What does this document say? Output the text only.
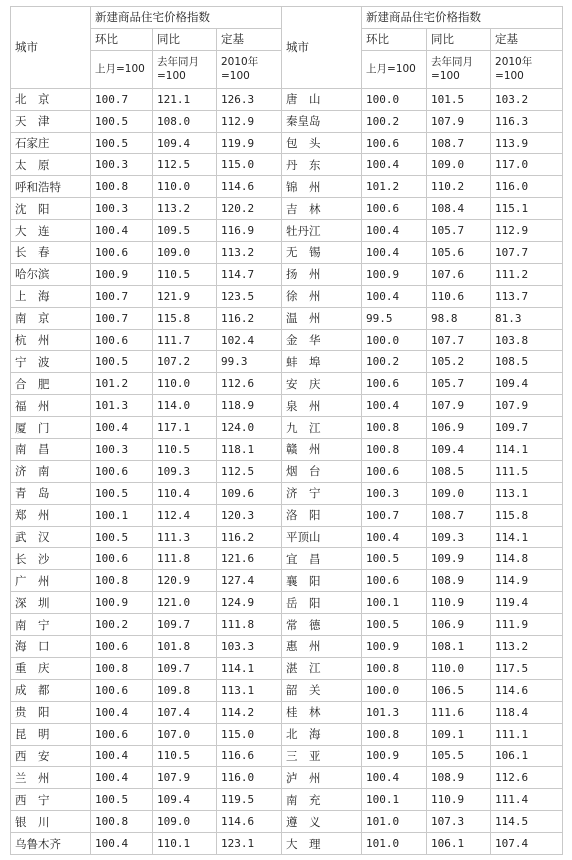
城市	新建商品住宅价格指数			城市	新建商品住宅价格指数		
	环比	同比	定基		环比	同比	定基
	上月=100	去年同月=100	2010年=100		上月=100	去年同月=100	2010年=100
北　京	100.7	121.1	126.3	唐　山	100.0	101.5	103.2
天　津	100.5	108.0	112.9	秦皇岛	100.2	107.9	116.3
石家庄	100.5	109.4	119.9	包　头	100.6	108.7	113.9
太　原	100.3	112.5	115.0	丹　东	100.4	109.0	117.0
呼和浩特	100.8	110.0	114.6	锦　州	101.2	110.2	116.0
沈　阳	100.3	113.2	120.2	吉　林	100.6	108.4	115.1
大　连	100.4	109.5	116.9	牡丹江	100.4	105.7	112.9
长　春	100.6	109.0	113.2	无　锡	100.4	105.6	107.7
哈尔滨	100.9	110.5	114.7	扬　州	100.9	107.6	111.2
上　海	100.7	121.9	123.5	徐　州	100.4	110.6	113.7
南　京	100.7	115.8	116.2	温　州	99.5	98.8	81.3
杭　州	100.6	111.7	102.4	金　华	100.0	107.7	103.8
宁　波	100.5	107.2	99.3	蚌　埠	100.2	105.2	108.5
合　肥	101.2	110.0	112.6	安　庆	100.6	105.7	109.4
福　州	101.3	114.0	118.9	泉　州	100.4	107.9	107.9
厦　门	100.4	117.1	124.0	九　江	100.8	106.9	109.7
南　昌	100.3	110.5	118.1	赣　州	100.8	109.4	114.1
济　南	100.6	109.3	112.5	烟　台	100.6	108.5	111.5
青　岛	100.5	110.4	109.6	济　宁	100.3	109.0	113.1
郑　州	100.1	112.4	120.3	洛　阳	100.7	108.7	115.8
武　汉	100.5	111.3	116.2	平顶山	100.4	109.3	114.1
长　沙	100.6	111.8	121.6	宜　昌	100.5	109.9	114.8
广　州	100.8	120.9	127.4	襄　阳	100.6	108.9	114.9
深　圳	100.9	121.0	124.9	岳　阳	100.1	110.9	119.4
南　宁	100.2	109.7	111.8	常　德	100.5	106.9	111.9
海　口	100.6	101.8	103.3	惠　州	100.9	108.1	113.2
重　庆	100.8	109.7	114.1	湛　江	100.8	110.0	117.5
成　都	100.6	109.8	113.1	韶　关	100.0	106.5	114.6
贵　阳	100.4	107.4	114.2	桂　林	101.3	111.6	118.4
昆　明	100.6	107.0	115.0	北　海	100.8	109.1	111.1
西　安	100.4	110.5	116.6	三　亚	100.9	105.5	106.1
兰　州	100.4	107.9	116.0	泸　州	100.4	108.9	112.6
西　宁	100.5	109.4	119.5	南　充	100.1	110.9	111.4
银　川	100.8	109.0	114.6	遵　义	101.0	107.3	114.5
乌鲁木齐	100.4	110.1	123.1	大　理	101.0	106.1	107.4
